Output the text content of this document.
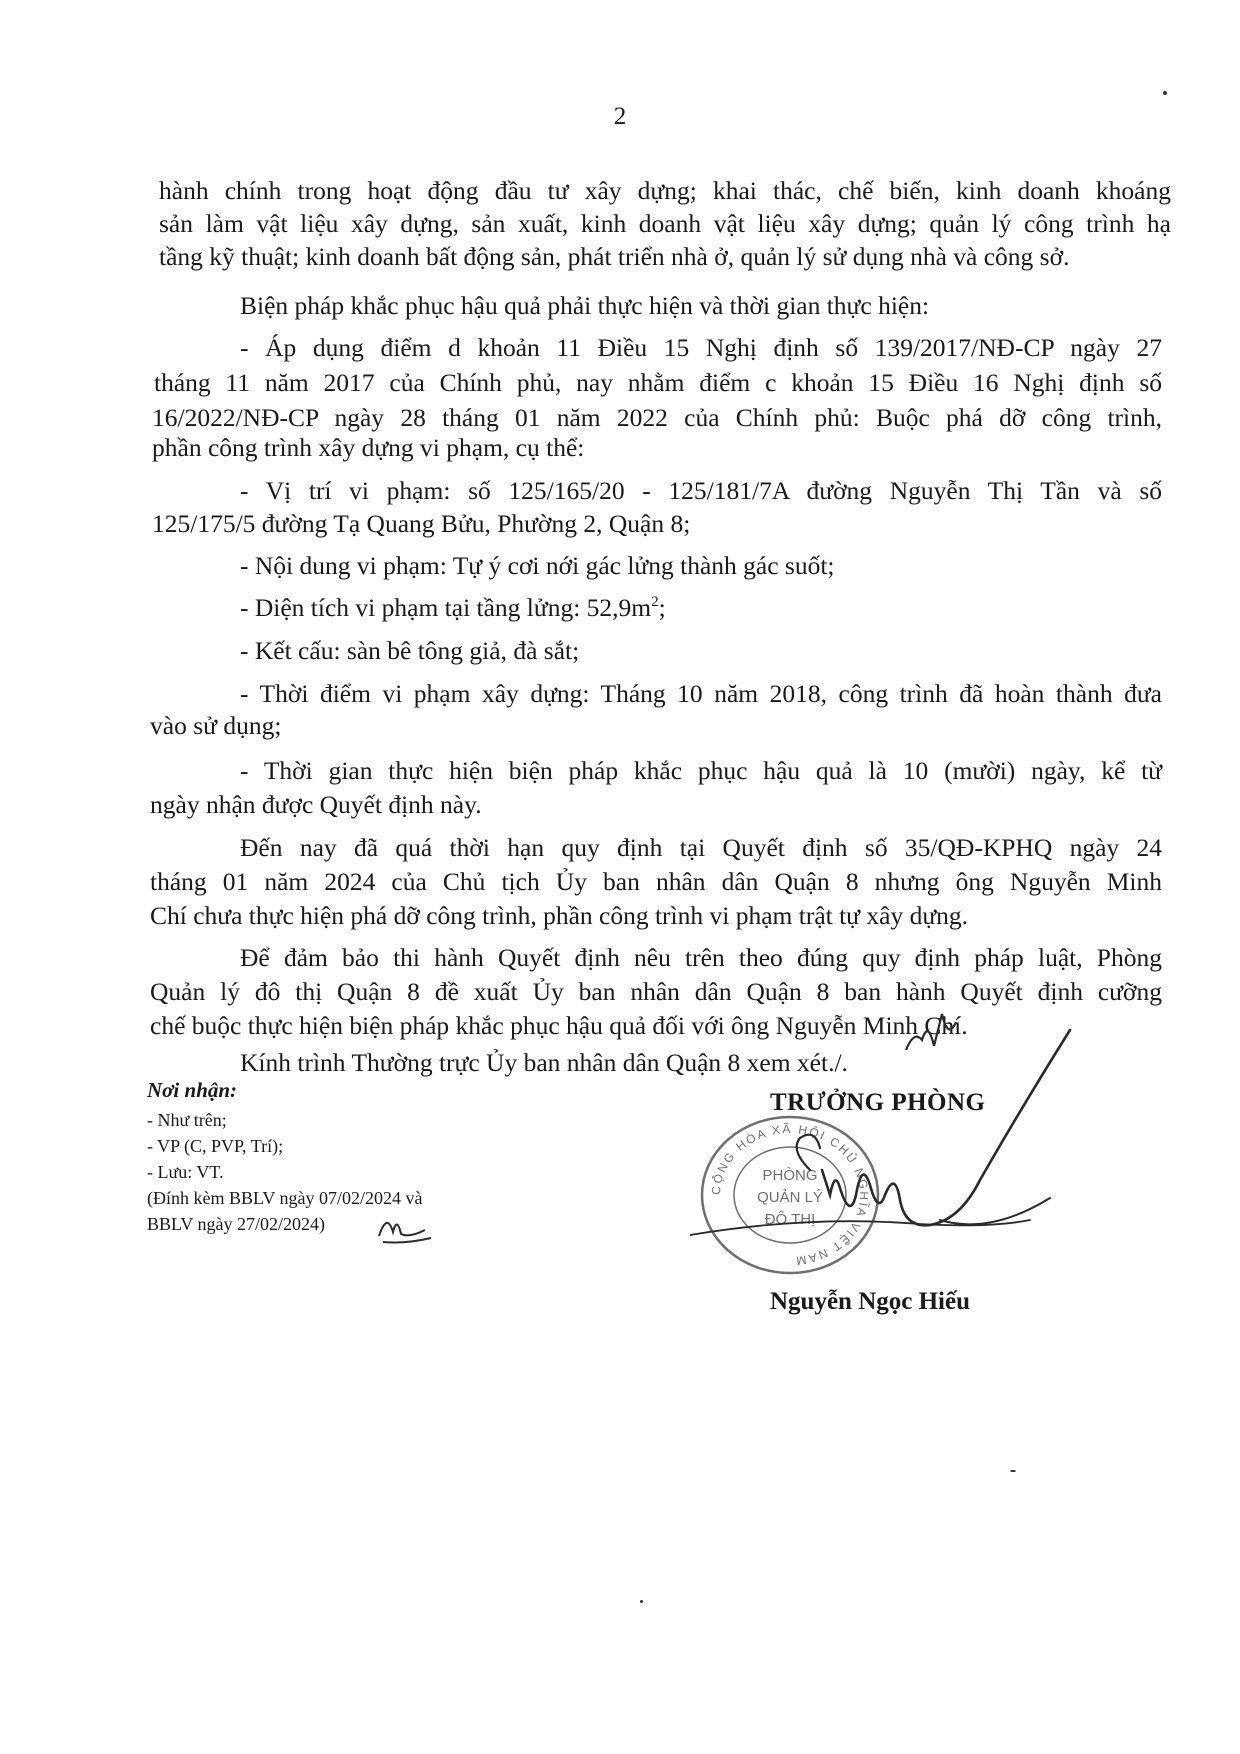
2
hành chính trong hoạt động đầu tư xây dựng; khai thác, chế biến, kinh doanh khoáng
sản làm vật liệu xây dựng, sản xuất, kinh doanh vật liệu xây dựng; quản lý công trình hạ
tầng kỹ thuật; kinh doanh bất động sản, phát triển nhà ở, quản lý sử dụng nhà và công sở.
Biện pháp khắc phục hậu quả phải thực hiện và thời gian thực hiện:
- Áp dụng điểm d khoản 11 Điều 15 Nghị định số 139/2017/NĐ-CP ngày 27
tháng 11 năm 2017 của Chính phủ, nay nhằm điểm c khoản 15 Điều 16 Nghị định số
16/2022/NĐ-CP ngày 28 tháng 01 năm 2022 của Chính phủ: Buộc phá dỡ công trình,
phần công trình xây dựng vi phạm, cụ thể:
- Vị trí vi phạm: số 125/165/20 - 125/181/7A đường Nguyễn Thị Tần và số
125/175/5 đường Tạ Quang Bửu, Phường 2, Quận 8;
- Nội dung vi phạm: Tự ý cơi nới gác lửng thành gác suốt;
- Diện tích vi phạm tại tầng lửng: $52,9m^2$;
- Kết cấu: sàn bê tông giả, đà sắt;
- Thời điểm vi phạm xây dựng: Tháng 10 năm 2018, công trình đã hoàn thành đưa
vào sử dụng;
- Thời gian thực hiện biện pháp khắc phục hậu quả là 10 (mười) ngày, kể từ
ngày nhận được Quyết định này.
Đến nay đã quá thời hạn quy định tại Quyết định số 35/QĐ-KPHQ ngày 24
tháng 01 năm 2024 của Chủ tịch Ủy ban nhân dân Quận 8 nhưng ông Nguyễn Minh
Chí chưa thực hiện phá dỡ công trình, phần công trình vi phạm trật tự xây dựng.
Để đảm bảo thi hành Quyết định nêu trên theo đúng quy định pháp luật, Phòng
Quản lý đô thị Quận 8 đề xuất Ủy ban nhân dân Quận 8 ban hành Quyết định cưỡng
chế buộc thực hiện biện pháp khắc phục hậu quả đối với ông Nguyễn Minh Chí.
Kính trình Thường trực Ủy ban nhân dân Quận 8 xem xét./.
Nơi nhận:
- Như trên;
- VP (C, PVP, Trí);
- Lưu: VT.
(Đính kèm BBLV ngày 07/02/2024 và
BBLV ngày 27/02/2024)
TRƯỞNG PHÒNG
CỘNG HÒA XÃ HỘI CHỦ NGHĨA VIỆT NAM
PHÒNG
QUẢN LÝ
ĐÔ THỊ
Nguyễn Ngọc Hiếu
